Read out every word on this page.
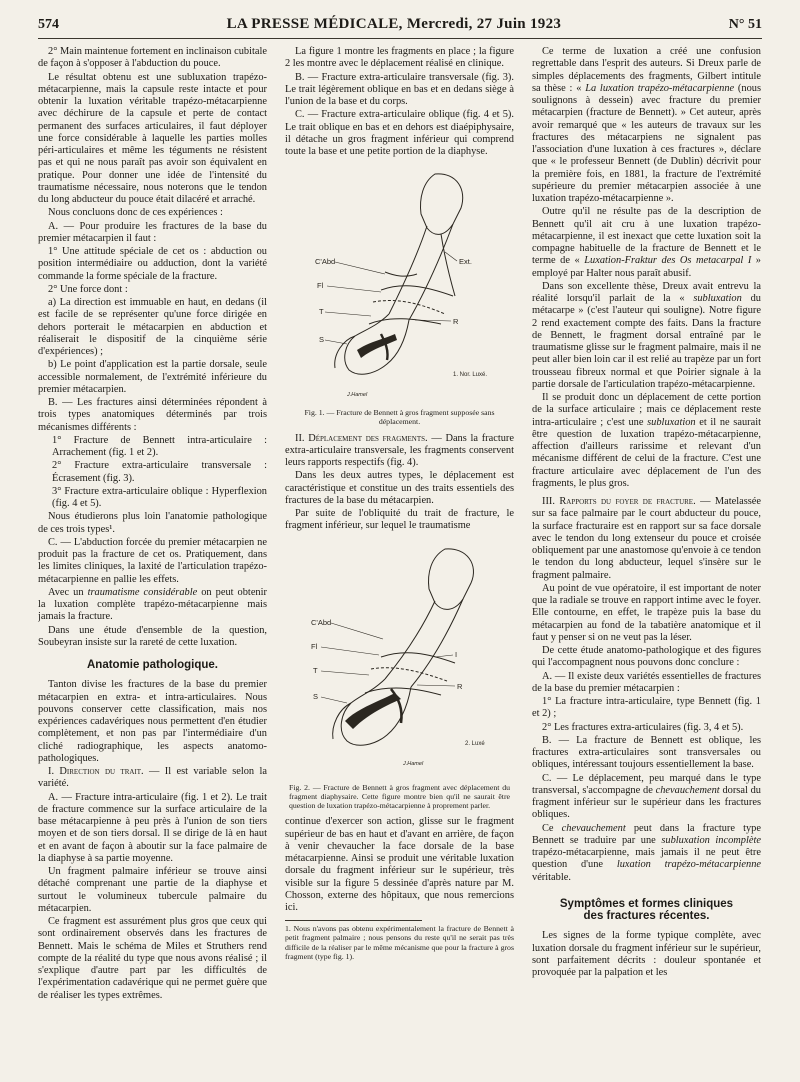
574	LA PRESSE MÉDICALE, Mercredi, 27 Juin 1923	N° 51

2° Main maintenue fortement en inclinaison cubitale de façon à s'opposer à l'abduction du pouce.

Le résultat obtenu est une subluxation trapézo-métacarpienne, mais la capsule reste intacte et pour obtenir la luxation véritable trapézo-métacarpienne avec déchirure de la capsule et perte de contact permanent des surfaces articulaires, il faut déployer une force considérable à laquelle les parties molles péri-articulaires et même les téguments ne résistent pas et qui ne nous paraît pas avoir son équivalent en pratique. Pour donner une idée de l'intensité du traumatisme nécessaire, nous noterons que le tendon du long abducteur du pouce était dilacéré et arraché.

Nous concluons donc de ces expériences :

A. — Pour produire les fractures de la base du premier métacarpien il faut :

1° Une attitude spéciale de cet os : abduction ou position intermédiaire ou adduction, dont la variété commande la forme spéciale de la fracture.

2° Une force dont :

a) La direction est immuable en haut, en dedans (il est facile de se représenter qu'une force dirigée en dehors porterait le métacarpien en abduction et réaliserait le dispositif de la cinquième série d'expériences) ;

b) Le point d'application est la partie dorsale, seule accessible normalement, de l'extrémité inférieure du premier métacarpien.

B. — Les fractures ainsi déterminées répondent à trois types anatomiques déterminés par trois mécanismes différents :

1° Fracture de Bennett intra-articulaire : Arrachement (fig. 1 et 2).

2° Fracture extra-articulaire transversale : Écrasement (fig. 3).

3° Fracture extra-articulaire oblique : Hyperflexion (fig. 4 et 5).

Nous étudierons plus loin l'anatomie pathologique de ces trois types¹.

C. — L'abduction forcée du premier métacarpien ne produit pas la fracture de cet os. Pratiquement, dans les limites cliniques, la laxité de l'articulation trapézo-métacarpienne en pallie les effets.

Avec un traumatisme considérable on peut obtenir la luxation complète trapézo-métacarpienne mais jamais la fracture.

Dans une étude d'ensemble de la question, Soubeyran insiste sur la rareté de cette luxation.

Anatomie pathologique.

Tanton divise les fractures de la base du premier métacarpien en extra- et intra-articulaires. Nous pouvons conserver cette classification, mais nos expériences cadavériques nous permettent d'en étudier complètement, et non pas par l'intermédiaire d'un cliché radiographique, les aspects anatomo-pathologiques.

I. Direction du trait. — Il est variable selon la variété.

A. — Fracture intra-articulaire (fig. 1 et 2). Le trait de fracture commence sur la surface articulaire de la base métacarpienne à peu près à l'union de son tiers moyen et de son tiers dorsal. Il se dirige de là en haut et en avant de façon à aboutir sur la face palmaire de la diaphyse à sa partie moyenne.

Un fragment palmaire inférieur se trouve ainsi détaché comprenant une partie de la diaphyse et surtout le volumineux tubercule palmaire du métacarpien.

Ce fragment est assurément plus gros que ceux qui sont ordinairement observés dans les fractures de Bennett. Mais le schéma de Miles et Struthers rend compte de la réalité du type que nous avons réalisé ; il s'explique d'autre part par les difficultés de l'expérimentation cadavérique qui ne permet guère que de réaliser les types extrêmes.

La figure 1 montre les fragments en place ; la figure 2 les montre avec le déplacement réalisé en clinique.

B. — Fracture extra-articulaire transversale (fig. 3). Le trait légèrement oblique en bas et en dedans siège à l'union de la base et du corps.

C. — Fracture extra-articulaire oblique (fig. 4 et 5). Le trait oblique en bas et en dehors est diaépiphysaire, il détache un gros fragment inférieur qui comprend toute la base et une petite portion de la diaphyse.

C'Abd	Ext.
Fl
T
R
S
1. Nor. Luxé.
J.Hamel
Fig. 1. — Fracture de Bennett à gros fragment supposée sans déplacement.

II. Déplacement des fragments. — Dans la fracture extra-articulaire transversale, les fragments conservent leurs rapports respectifs (fig. 4).

Dans les deux autres types, le déplacement est caractéristique et constitue un des traits essentiels des fractures de la base du métacarpien.

Par suite de l'obliquité du trait de fracture, le fragment inférieur, sur lequel le traumatisme

C'Abd
Fl
T
I
R
S
2. Luxé
J.Hamel
Fig. 2. — Fracture de Bennett à gros fragment avec déplacement du fragment diaphysaire. Cette figure montre bien qu'il ne saurait être question de luxation trapézo-métacarpienne à proprement parler.

continue d'exercer son action, glisse sur le fragment supérieur de bas en haut et d'avant en arrière, de façon à venir chevaucher la face dorsale de la base métacarpienne. Ainsi se produit une véritable luxation dorsale du fragment inférieur sur le supérieur, très visible sur la figure 5 dessinée d'après nature par M. Chosson, externe des hôpitaux, que nous remercions ici.

1. Nous n'avons pas obtenu expérimentalement la fracture de Bennett à petit fragment palmaire ; nous pensons du reste qu'il ne serait pas très difficile de la réaliser par le même mécanisme que pour la fracture à gros fragment (type fig. 1).

Ce terme de luxation a créé une confusion regrettable dans l'esprit des auteurs. Si Dreux parle de simples déplacements des fragments, Gilbert intitule sa thèse : « La luxation trapézo-métacarpienne (nous soulignons à dessein) avec fracture du premier métacarpien (fracture de Bennett). » Cet auteur, après avoir remarqué que « les auteurs de travaux sur les fractures des métacarpiens ne signalent pas l'association d'une luxation à ces fractures », déclare que « le professeur Bennett (de Dublin) décrivit pour la première fois, en 1881, la fracture de l'extrémité supérieure du premier métacarpien associée à une luxation trapézo-métacarpienne ».

Outre qu'il ne résulte pas de la description de Bennett qu'il ait cru à une luxation trapézo-métacarpienne, il est inexact que cette luxation soit la compagne habituelle de la fracture de Bennett et le terme de « Luxation-Fraktur des Os metacarpal I » employé par Halter nous paraît abusif.

Dans son excellente thèse, Dreux avait entrevu la réalité lorsqu'il parlait de la « subluxation du métacarpe » (c'est l'auteur qui souligne). Notre figure 2 rend exactement compte des faits. Dans la fracture de Bennett, le fragment dorsal entraîné par le traumatisme glisse sur le fragment palmaire, mais il ne peut aller bien loin car il est relié au trapèze par un fort trousseau fibreux normal et que Poirier signale à la partie dorsale de l'articulation trapézo-métacarpienne.

Il se produit donc un déplacement de cette portion de la surface articulaire ; mais ce déplacement reste intra-articulaire ; c'est une subluxation et il ne saurait être question de luxation trapézo-métacarpienne, affection d'ailleurs rarissime et relevant d'un mécanisme différent de celui de la fracture. C'est une fracture articulaire avec déplacement de l'un des fragments, le plus gros.

III. Rapports du foyer de fracture. — Matelassée sur sa face palmaire par le court abducteur du pouce, la surface fracturaire est en rapport sur sa face dorsale avec le tendon du long extenseur du pouce et croisée obliquement par une anastomose qu'envoie à ce tendon le tendon du long abducteur, lequel s'insère sur le fragment palmaire.

Au point de vue opératoire, il est important de noter que la radiale se trouve en rapport intime avec le foyer. Elle contourne, en effet, le trapèze puis la base du métacarpien au fond de la tabatière anatomique et il faut y penser si on ne veut pas la léser.

De cette étude anatomo-pathologique et des figures qui l'accompagnent nous pouvons donc conclure :

A. — Il existe deux variétés essentielles de fractures de la base du premier métacarpien :

1° La fracture intra-articulaire, type Bennett (fig. 1 et 2) ;

2° Les fractures extra-articulaires (fig. 3, 4 et 5).

B. — La fracture de Bennett est oblique, les fractures extra-articulaires sont transversales ou obliques, intéressant toujours essentiellement la base.

C. — Le déplacement, peu marqué dans le type transversal, s'accompagne de chevauchement dorsal du fragment inférieur sur le supérieur dans les fractures obliques.

Ce chevauchement peut dans la fracture type Bennett se traduire par une subluxation incomplète trapézo-métacarpienne, mais jamais il ne peut être question d'une luxation trapézo-métacarpienne véritable.

Symptômes et formes cliniques
des fractures récentes.

Les signes de la forme typique complète, avec luxation dorsale du fragment inférieur sur le supérieur, sont parfaitement décrits : douleur spontanée et provoquée par la palpation et les
